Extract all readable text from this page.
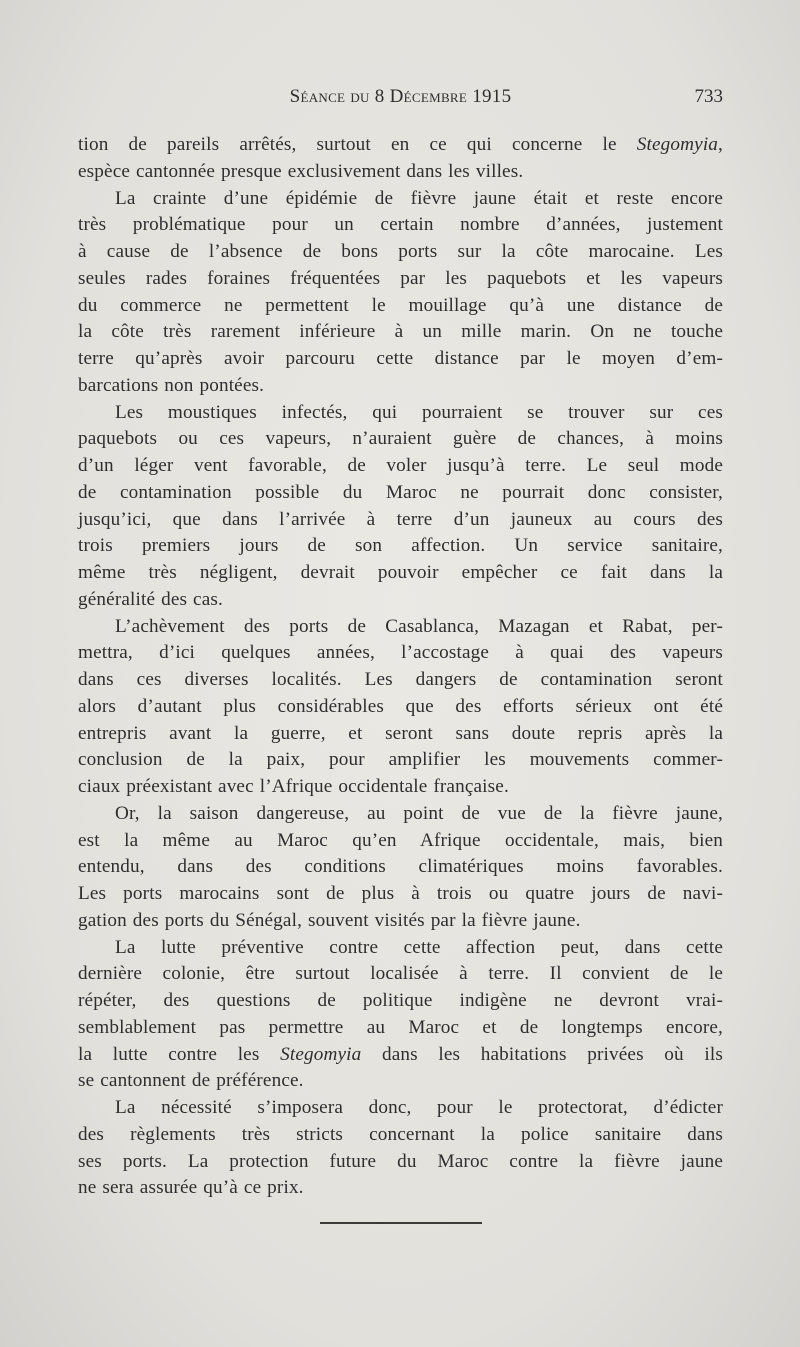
Séance du 8 Décembre 1915	733
tion de pareils arrêtés, surtout en ce qui concerne le Stegomyia,
espèce cantonnée presque exclusivement dans les villes.
La crainte d’une épidémie de fièvre jaune était et reste encore
très problématique pour un certain nombre d’années, justement
à cause de l’absence de bons ports sur la côte marocaine. Les
seules rades foraines fréquentées par les paquebots et les vapeurs
du commerce ne permettent le mouillage qu’à une distance de
la côte très rarement inférieure à un mille marin. On ne touche
terre qu’après avoir parcouru cette distance par le moyen d’em-
barcations non pontées.
Les moustiques infectés, qui pourraient se trouver sur ces
paquebots ou ces vapeurs, n’auraient guère de chances, à moins
d’un léger vent favorable, de voler jusqu’à terre. Le seul mode
de contamination possible du Maroc ne pourrait donc consister,
jusqu’ici, que dans l’arrivée à terre d’un jauneux au cours des
trois premiers jours de son affection. Un service sanitaire,
même très négligent, devrait pouvoir empêcher ce fait dans la
généralité des cas.
L’achèvement des ports de Casablanca, Mazagan et Rabat, per-
mettra, d’ici quelques années, l’accostage à quai des vapeurs
dans ces diverses localités. Les dangers de contamination seront
alors d’autant plus considérables que des efforts sérieux ont été
entrepris avant la guerre, et seront sans doute repris après la
conclusion de la paix, pour amplifier les mouvements commer-
ciaux préexistant avec l’Afrique occidentale française.
Or, la saison dangereuse, au point de vue de la fièvre jaune,
est la même au Maroc qu’en Afrique occidentale, mais, bien
entendu, dans des conditions climatériques moins favorables.
Les ports marocains sont de plus à trois ou quatre jours de navi-
gation des ports du Sénégal, souvent visités par la fièvre jaune.
La lutte préventive contre cette affection peut, dans cette
dernière colonie, être surtout localisée à terre. Il convient de le
répéter, des questions de politique indigène ne devront vrai-
semblablement pas permettre au Maroc et de longtemps encore,
la lutte contre les Stegomyia dans les habitations privées où ils
se cantonnent de préférence.
La nécessité s’imposera donc, pour le protectorat, d’édicter
des règlements très stricts concernant la police sanitaire dans
ses ports. La protection future du Maroc contre la fièvre jaune
ne sera assurée qu’à ce prix.
